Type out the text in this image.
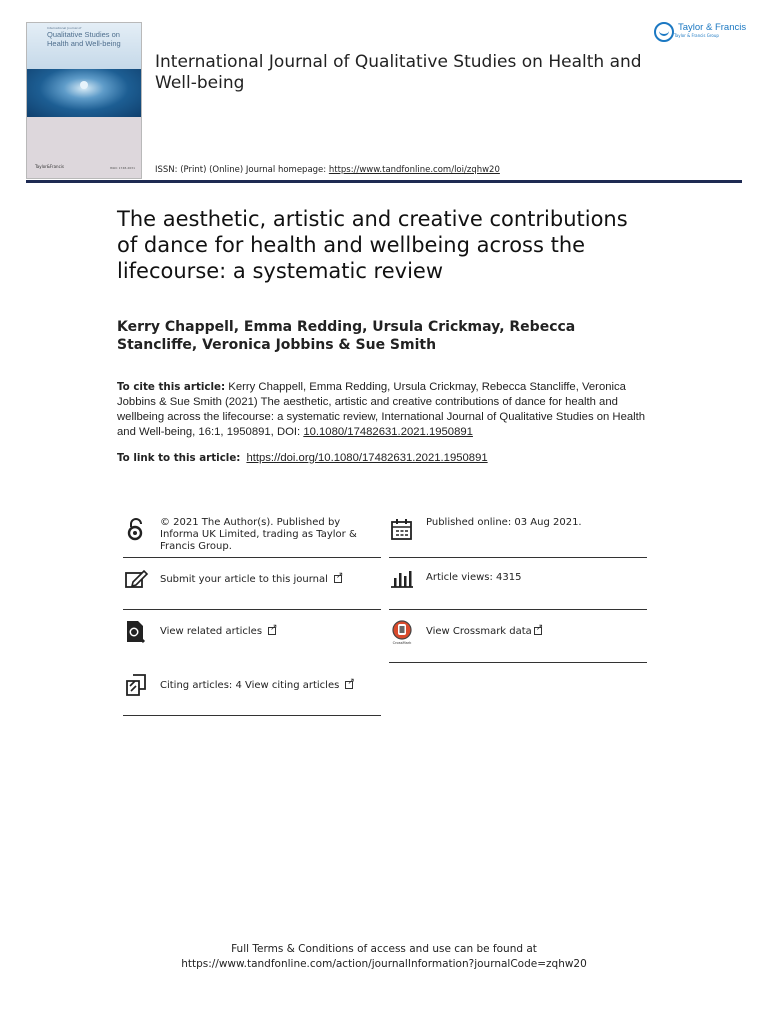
International Journal of
Qualitative Studies on Health and Well-being
Taylor&Francis	ISSN: 1748-2631
International Journal of Qualitative Studies on Health and Well-being
ISSN: (Print) (Online) Journal homepage: https://www.tandfonline.com/loi/zqhw20
Taylor & Francis
Taylor & Francis Group
The aesthetic, artistic and creative contributions of dance for health and wellbeing across the lifecourse: a systematic review
Kerry Chappell, Emma Redding, Ursula Crickmay, Rebecca Stancliffe, Veronica Jobbins & Sue Smith
To cite this article: Kerry Chappell, Emma Redding, Ursula Crickmay, Rebecca Stancliffe, Veronica Jobbins & Sue Smith (2021) The aesthetic, artistic and creative contributions of dance for health and wellbeing across the lifecourse: a systematic review, International Journal of Qualitative Studies on Health and Well-being, 16:1, 1950891, DOI: 10.1080/17482631.2021.1950891
To link to this article: https://doi.org/10.1080/17482631.2021.1950891
© 2021 The Author(s). Published by Informa UK Limited, trading as Taylor & Francis Group.
Published online: 03 Aug 2021.
Submit your article to this journal↗	Article views: 4315
View related articles↗
CrossMark
View Crossmark data↗
Citing articles: 4 View citing articles↗
Full Terms & Conditions of access and use can be found at
https://www.tandfonline.com/action/journalInformation?journalCode=zqhw20
